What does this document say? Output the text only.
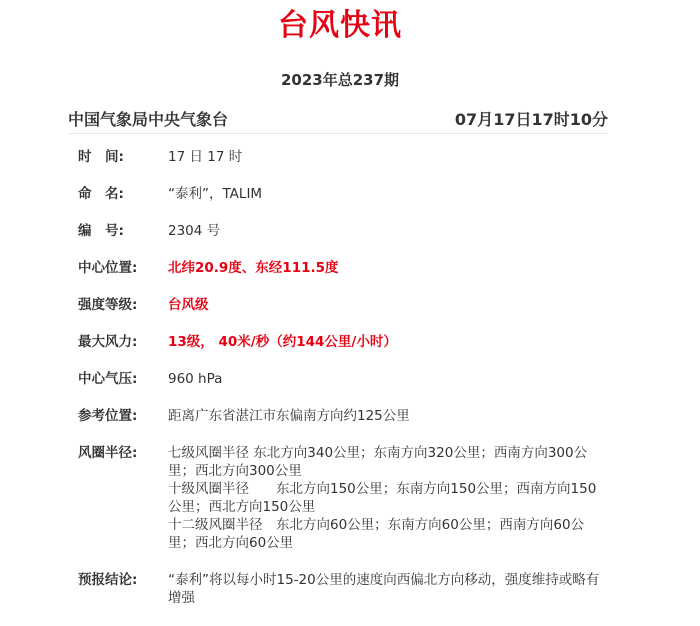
台风快讯
2023年总237期
中国气象局中央气象台	07月17日17时10分
时　间:	17 日 17 时
命　名:	“泰利”，TALIM
编　号:	2304 号
中心位置:	北纬20.9度、东经111.5度
强度等级:	台风级
最大风力:	13级， 40米/秒（约144公里/小时）
中心气压:	960 hPa
参考位置:	距离广东省湛江市东偏南方向约125公里
风圈半径:	七级风圈半径 东北方向340公里；东南方向320公里；西南方向300公里；西北方向300公里
十级风圈半径　　东北方向150公里；东南方向150公里；西南方向150公里；西北方向150公里
十二级风圈半径　东北方向60公里；东南方向60公里；西南方向60公里；西北方向60公里
预报结论:	“泰利”将以每小时15-20公里的速度向西偏北方向移动，强度维持或略有增强
